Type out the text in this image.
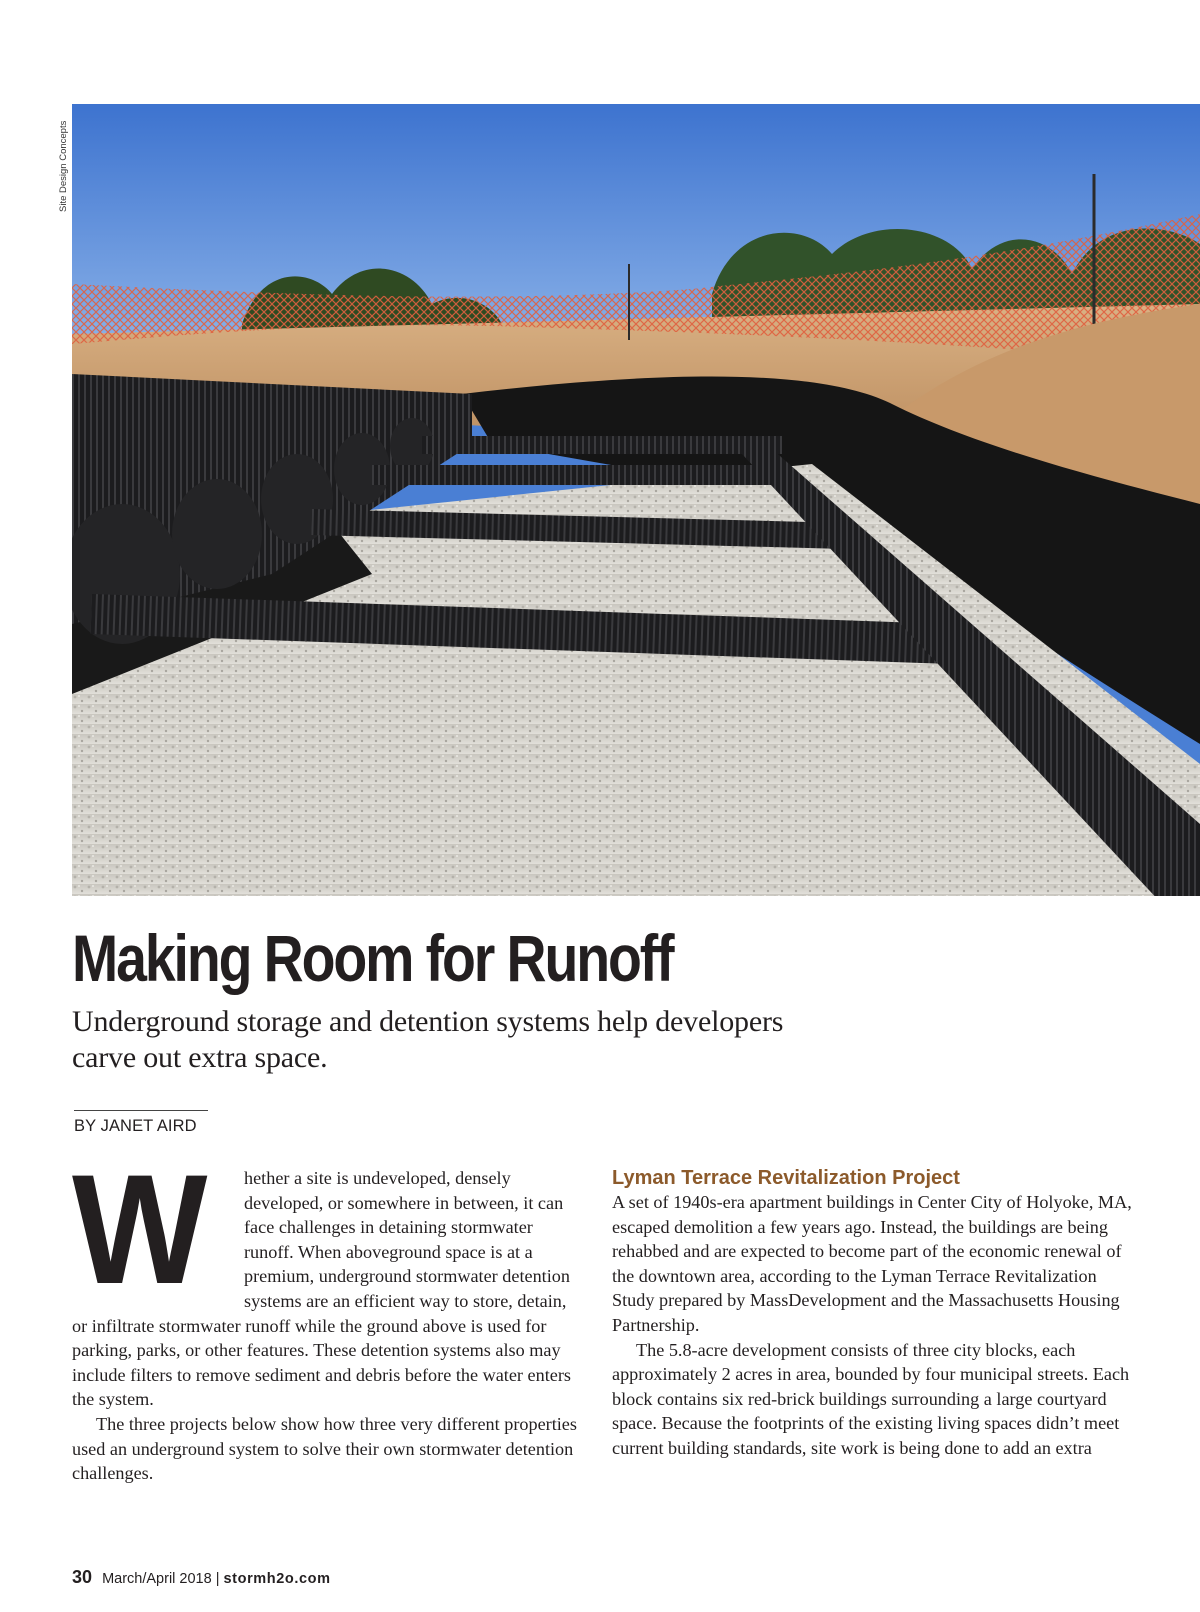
Site Design Concepts
Making Room for Runoff

Underground storage and detention systems help developers carve out extra space.

BY JANET AIRD
W	hether a site is undeveloped, densely developed, or somewhere in between, it can face challenges in detaining stormwater runoff. When aboveground space is at a premium, underground stormwater detention systems are an efficient way to store, detain, or infiltrate stormwater runoff while the ground above is used for parking, parks, or other features. These detention systems also may include filters to remove sediment and debris before the water enters the system.

The three projects below show how three very different properties used an underground system to solve their own stormwater detention challenges.

Lyman Terrace Revitalization Project

A set of 1940s-era apartment buildings in Center City of Holyoke, MA, escaped demolition a few years ago. Instead, the buildings are being rehabbed and are expected to become part of the economic renewal of the downtown area, according to the Lyman Terrace Revitalization Study prepared by MassDevelopment and the Massachusetts Housing Partnership.

The 5.8-acre development consists of three city blocks, each approximately 2 acres in area, bounded by four municipal streets. Each block contains six red-brick buildings surrounding a large courtyard space. Because the footprints of the existing living spaces didn’t meet current building standards, site work is being done to add an extra

30 March/April 2018 | stormh2o.com
